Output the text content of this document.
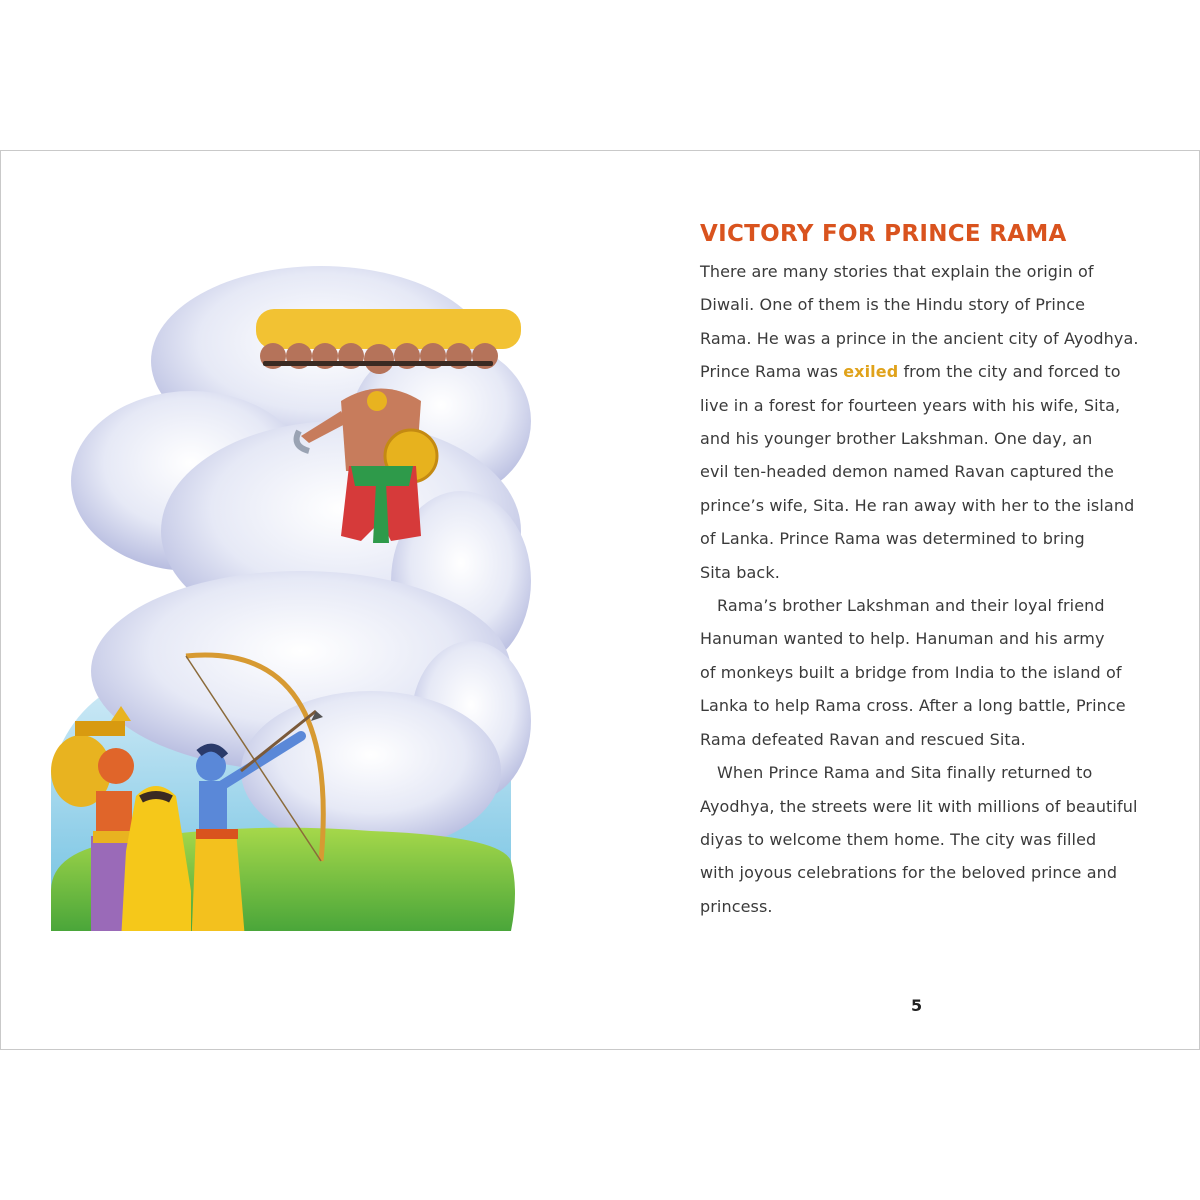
VICTORY FOR PRINCE RAMA

There are many stories that explain the origin of
Diwali. One of them is the Hindu story of Prince
Rama. He was a prince in the ancient city of Ayodhya.
Prince Rama was exiled from the city and forced to
live in a forest for fourteen years with his wife, Sita,
and his younger brother Lakshman. One day, an
evil ten-headed demon named Ravan captured the
prince’s wife, Sita. He ran away with her to the island
of Lanka. Prince Rama was determined to bring
Sita back.

Rama’s brother Lakshman and their loyal friend
Hanuman wanted to help. Hanuman and his army
of monkeys built a bridge from India to the island of
Lanka to help Rama cross. After a long battle, Prince
Rama defeated Ravan and rescued Sita.

When Prince Rama and Sita finally returned to
Ayodhya, the streets were lit with millions of beautiful
diyas to welcome them home. The city was filled
with joyous celebrations for the beloved prince and
princess.

5
